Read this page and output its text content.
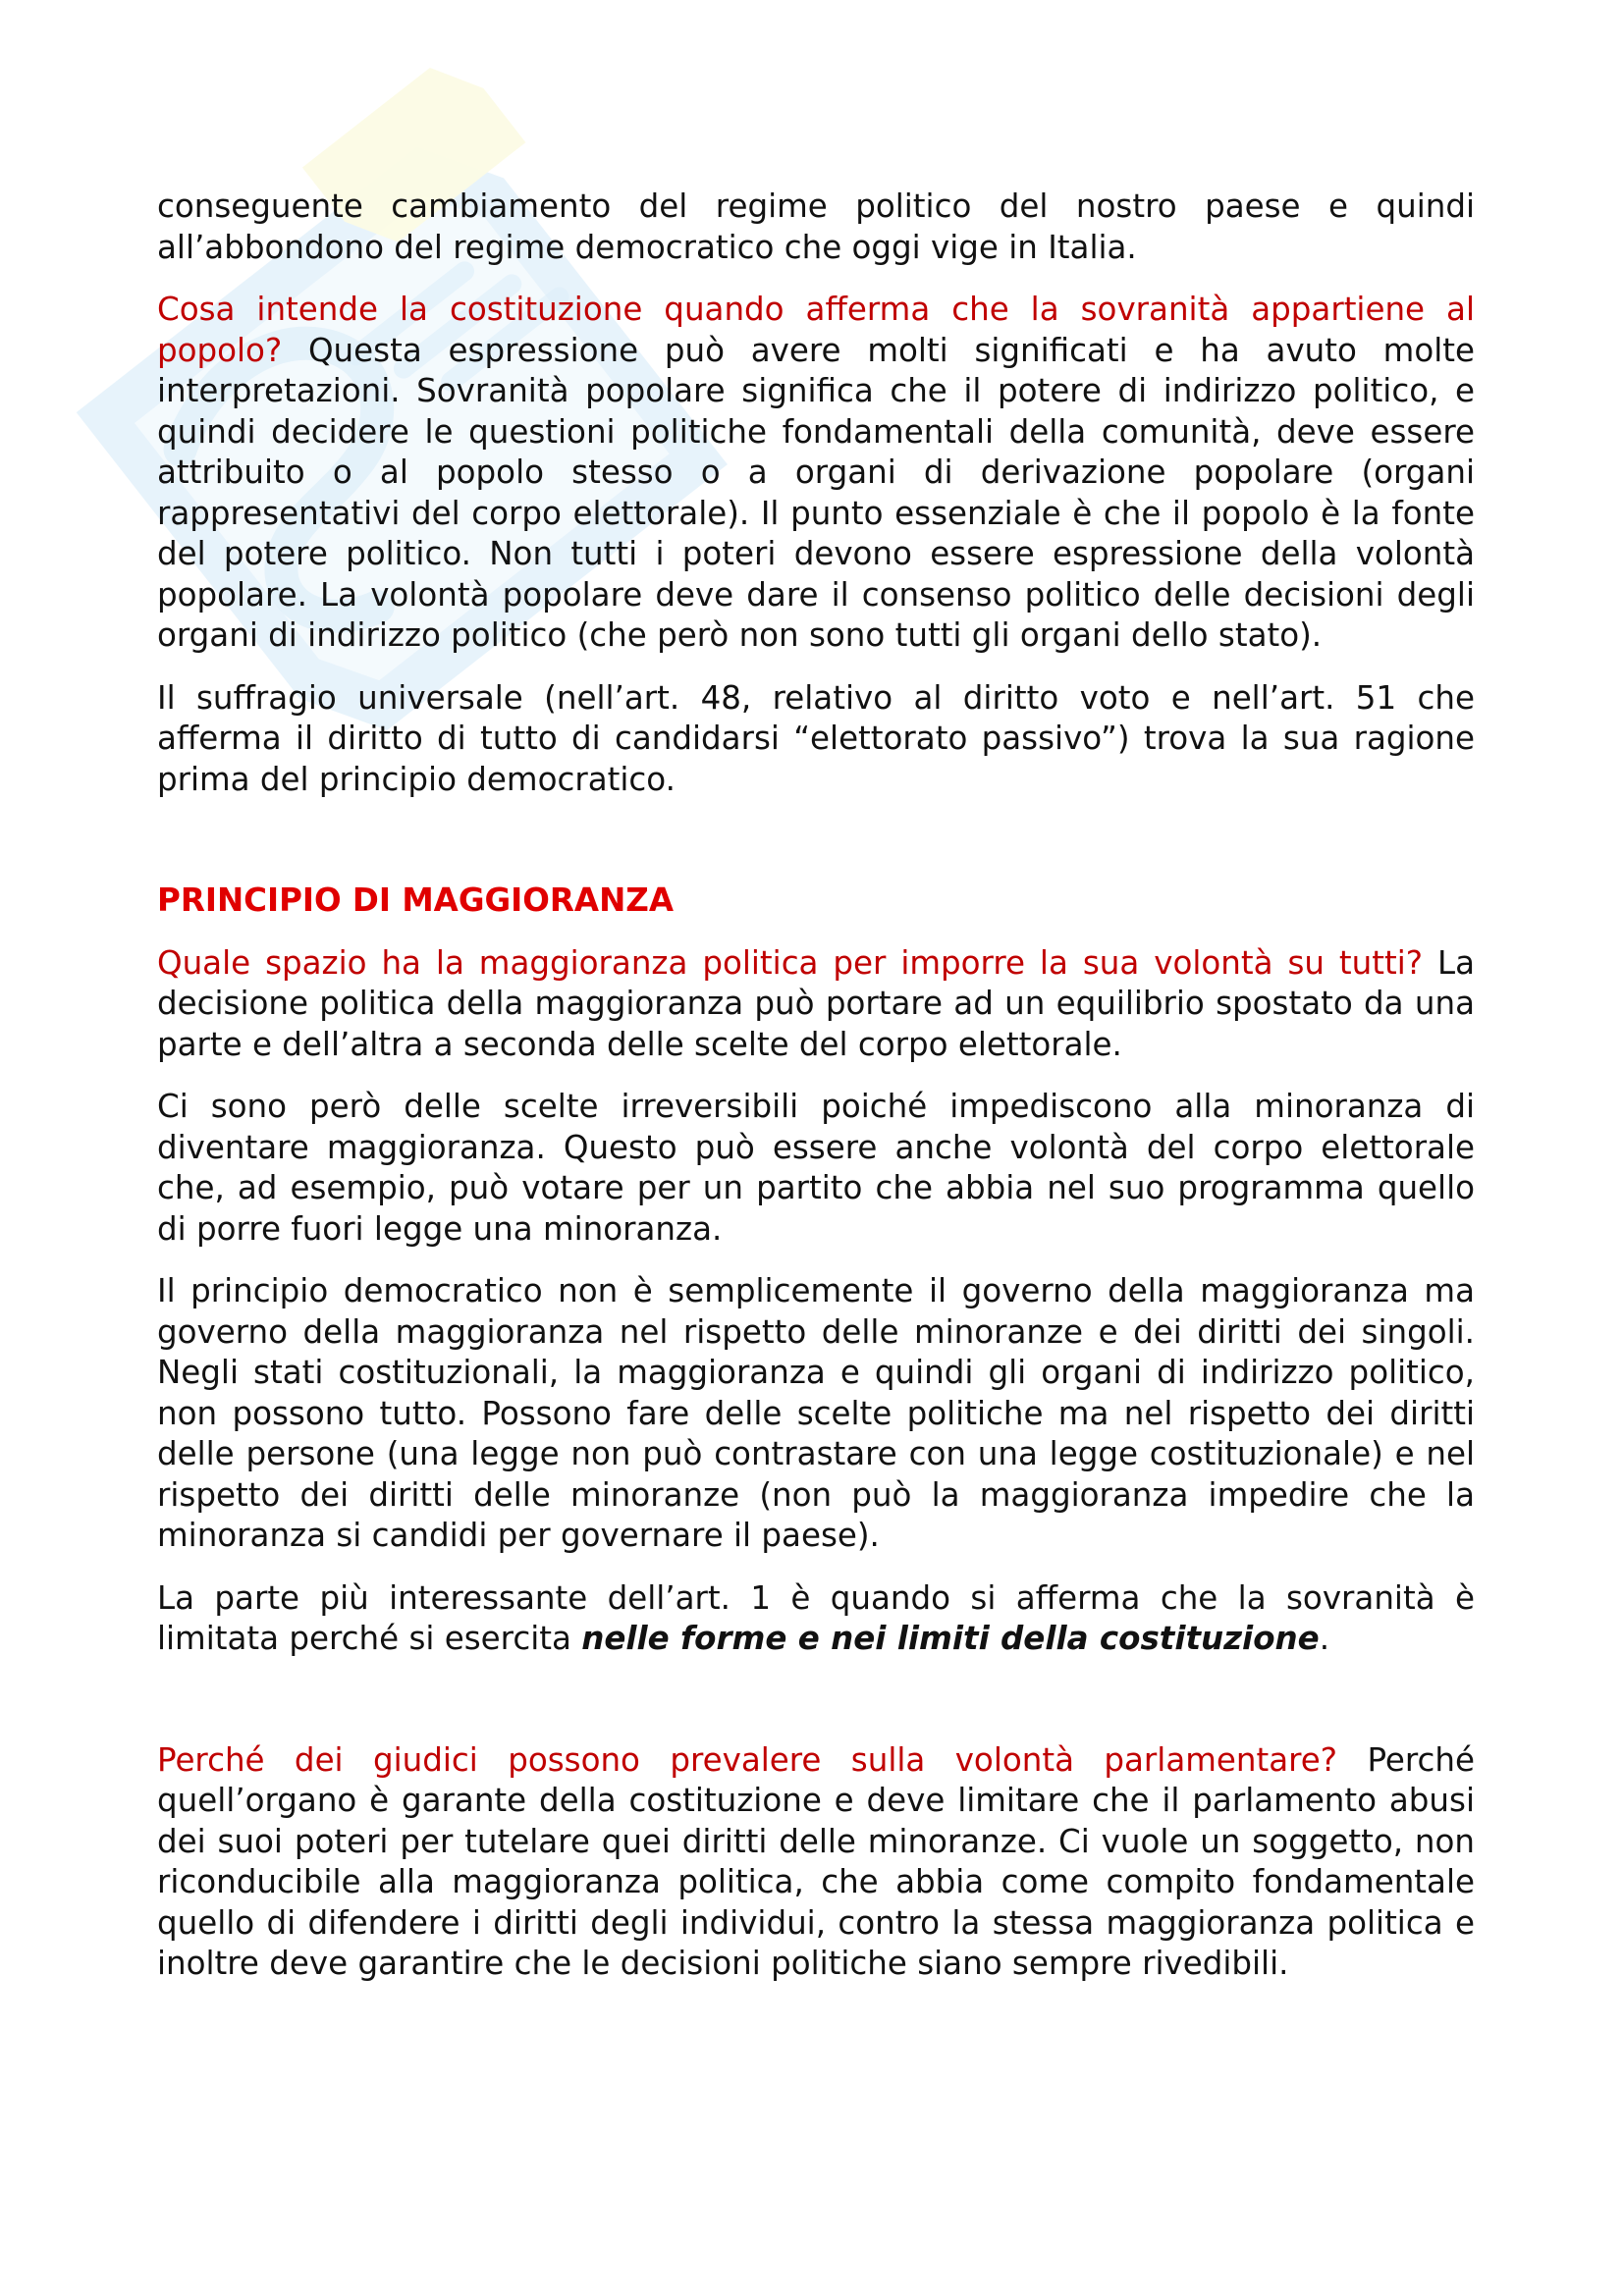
conseguente cambiamento del regime politico del nostro paese e quindi all’abbondono del regime democratico che oggi vige in Italia.

Cosa intende la costituzione quando afferma che la sovranità appartiene al popolo? Questa espressione può avere molti significati e ha avuto molte interpretazioni. Sovranità popolare significa che il potere di indirizzo politico, e quindi decidere le questioni politiche fondamentali della comunità, deve essere attribuito o al popolo stesso o a organi di derivazione popolare (organi rappresentativi del corpo elettorale). Il punto essenziale è che il popolo è la fonte del potere politico. Non tutti i poteri devono essere espressione della volontà popolare. La volontà popolare deve dare il consenso politico delle decisioni degli organi di indirizzo politico (che però non sono tutti gli organi dello stato).

Il suffragio universale (nell’art. 48, relativo al diritto voto e nell’art. 51 che afferma il diritto di tutto di candidarsi “elettorato passivo”) trova la sua ragione prima del principio democratico.

PRINCIPIO DI MAGGIORANZA

Quale spazio ha la maggioranza politica per imporre la sua volontà su tutti? La decisione politica della maggioranza può portare ad un equilibrio spostato da una parte e dell’altra a seconda delle scelte del corpo elettorale.

Ci sono però delle scelte irreversibili poiché impediscono alla minoranza di diventare maggioranza. Questo può essere anche volontà del corpo elettorale che, ad esempio, può votare per un partito che abbia nel suo programma quello di porre fuori legge una minoranza.

Il principio democratico non è semplicemente il governo della maggioranza ma governo della maggioranza nel rispetto delle minoranze e dei diritti dei singoli. Negli stati costituzionali, la maggioranza e quindi gli organi di indirizzo politico, non possono tutto. Possono fare delle scelte politiche ma nel rispetto dei diritti delle persone (una legge non può contrastare con una legge costituzionale) e nel rispetto dei diritti delle minoranze (non può la maggioranza impedire che la minoranza si candidi per governare il paese).

La parte più interessante dell’art. 1 è quando si afferma che la sovranità è limitata perché si esercita nelle forme e nei limiti della costituzione.

Perché dei giudici possono prevalere sulla volontà parlamentare? Perché quell’organo è garante della costituzione e deve limitare che il parlamento abusi dei suoi poteri per tutelare quei diritti delle minoranze. Ci vuole un soggetto, non riconducibile alla maggioranza politica, che abbia come compito fondamentale quello di difendere i diritti degli individui, contro la stessa maggioranza politica e inoltre deve garantire che le decisioni politiche siano sempre rivedibili.
